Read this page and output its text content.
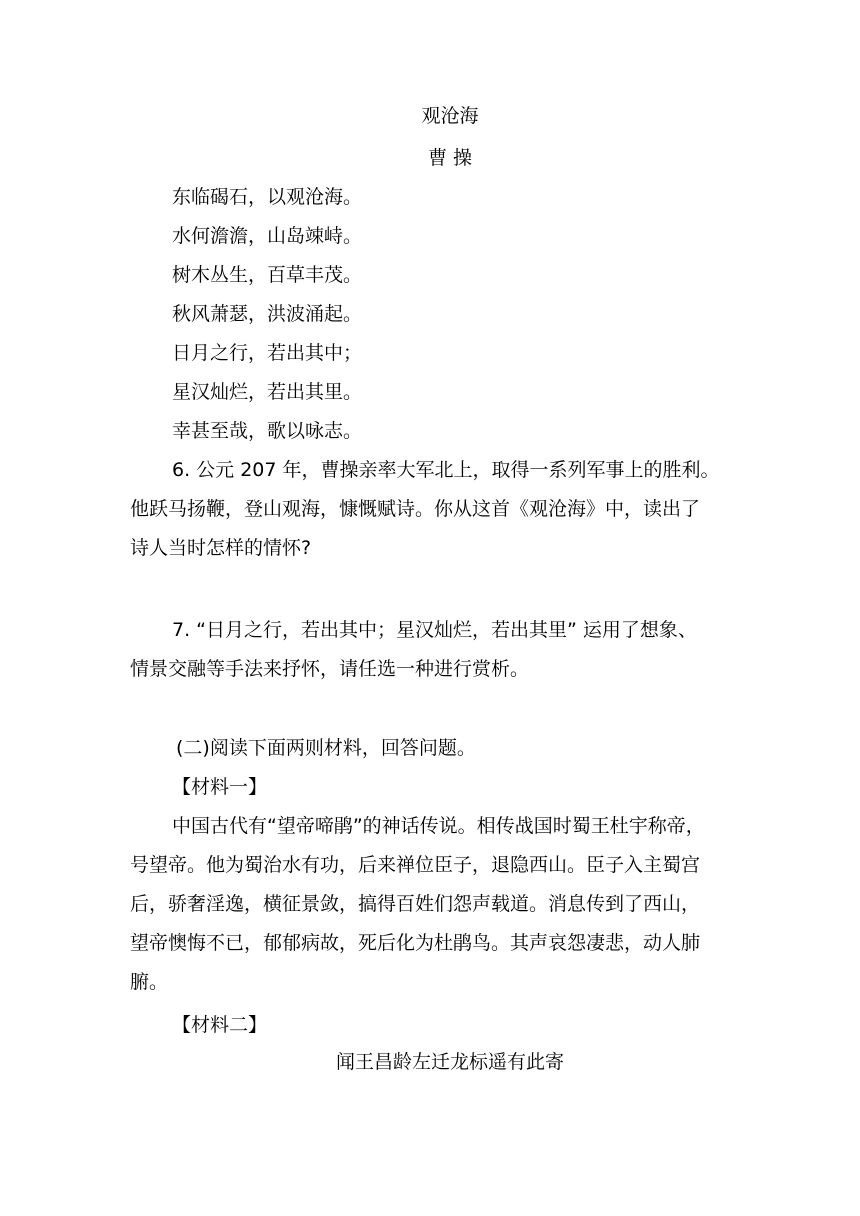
观沧海
曹 操
东临碣石，以观沧海。
水何澹澹，山岛竦峙。
树木丛生，百草丰茂。
秋风萧瑟，洪波涌起。
日月之行，若出其中；
星汉灿烂，若出其里。
幸甚至哉，歌以咏志。
6. 公元 207 年，曹操亲率大军北上，取得一系列军事上的胜利。
他跃马扬鞭，登山观海，慷慨赋诗。你从这首《观沧海》中，读出了
诗人当时怎样的情怀?
7. “日月之行，若出其中；星汉灿烂，若出其里” 运用了想象、
情景交融等手法来抒怀，请任选一种进行赏析。
(二)阅读下面两则材料，回答问题。
【材料一】
中国古代有“望帝啼鹃”的神话传说。相传战国时蜀王杜宇称帝，
号望帝。他为蜀治水有功，后来禅位臣子，退隐西山。臣子入主蜀宫
后，骄奢淫逸，横征景敛，搞得百姓们怨声载道。消息传到了西山，
望帝懊悔不已，郁郁病故，死后化为杜鹃鸟。其声哀怨凄悲，动人肺
腑。
【材料二】
闻王昌龄左迁龙标遥有此寄
